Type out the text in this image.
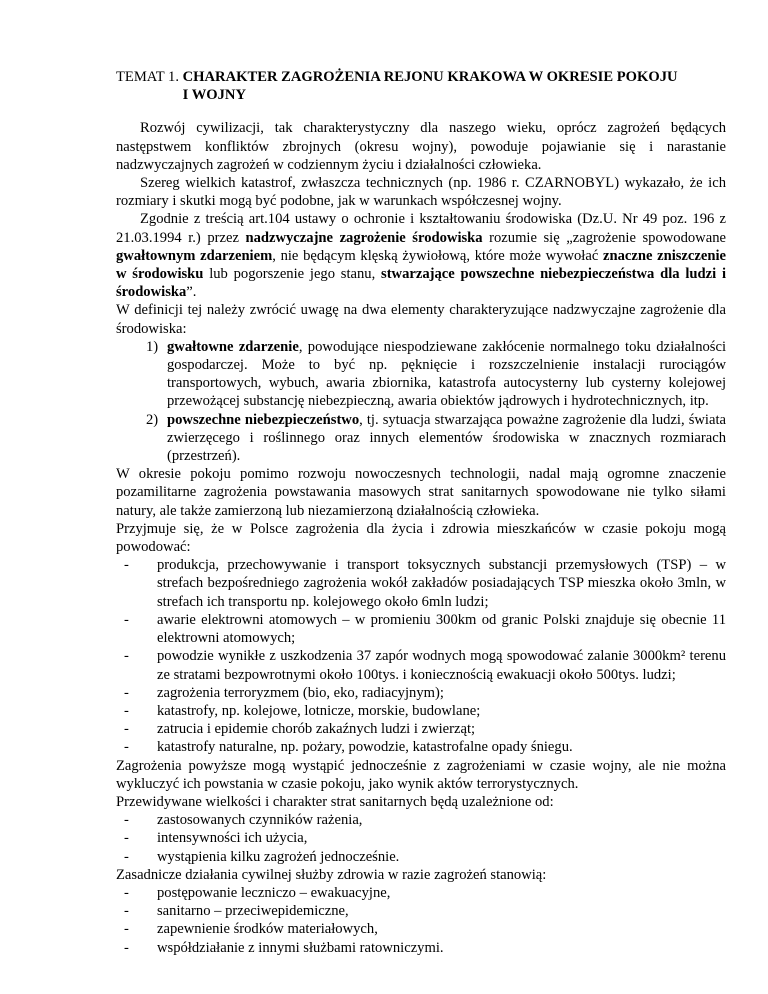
TEMAT 1. CHARAKTER ZAGROŻENIA REJONU KRAKOWA W OKRESIE POKOJU
I WOJNY

Rozwój cywilizacji, tak charakterystyczny dla naszego wieku, oprócz zagrożeń będących następstwem konfliktów zbrojnych (okresu wojny), powoduje pojawianie się i narastanie nadzwyczajnych zagrożeń w codziennym życiu i działalności człowieka.

Szereg wielkich katastrof, zwłaszcza technicznych (np. 1986 r. CZARNOBYL) wykazało, że ich rozmiary i skutki mogą być podobne, jak w warunkach współczesnej wojny.

Zgodnie z treścią art.104 ustawy o ochronie i kształtowaniu środowiska (Dz.U. Nr 49 poz. 196 z 21.03.1994 r.) przez nadzwyczajne zagrożenie środowiska rozumie się „zagrożenie spowodowane gwałtownym zdarzeniem, nie będącym klęską żywiołową, które może wywołać znaczne zniszczenie w środowisku lub pogorszenie jego stanu, stwarzające powszechne niebezpieczeństwa dla ludzi i środowiska”.

W definicji tej należy zwrócić uwagę na dwa elementy charakteryzujące nadzwyczajne zagrożenie dla środowiska:

1) gwałtowne zdarzenie, powodujące niespodziewane zakłócenie normalnego toku działalności gospodarczej. Może to być np. pęknięcie i rozszczelnienie instalacji rurociągów transportowych, wybuch, awaria zbiornika, katastrofa autocysterny lub cysterny kolejowej przewożącej substancję niebezpieczną, awaria obiektów jądrowych i hydrotechnicznych, itp.
2) powszechne niebezpieczeństwo, tj. sytuacja stwarzająca poważne zagrożenie dla ludzi, świata zwierzęcego i roślinnego oraz innych elementów środowiska w znacznych rozmiarach (przestrzeń).

W okresie pokoju pomimo rozwoju nowoczesnych technologii, nadal mają ogromne znaczenie pozamilitarne zagrożenia powstawania masowych strat sanitarnych spowodowane nie tylko siłami natury, ale także zamierzoną lub niezamierzoną działalnością człowieka.

Przyjmuje się, że w Polsce zagrożenia dla życia i zdrowia mieszkańców w czasie pokoju mogą powodować:

- produkcja, przechowywanie i transport toksycznych substancji przemysłowych (TSP) – w strefach bezpośredniego zagrożenia wokół zakładów posiadających TSP mieszka około 3mln, w strefach ich transportu np. kolejowego około 6mln ludzi;
- awarie elektrowni atomowych – w promieniu 300km od granic Polski znajduje się obecnie 11 elektrowni atomowych;
- powodzie wynikłe z uszkodzenia 37 zapór wodnych mogą spowodować zalanie 3000km² terenu ze stratami bezpowrotnymi około 100tys. i koniecznością ewakuacji około 500tys. ludzi;
- zagrożenia terroryzmem (bio, eko, radiacyjnym);
- katastrofy, np. kolejowe, lotnicze, morskie, budowlane;
- zatrucia i epidemie chorób zakaźnych ludzi i zwierząt;
- katastrofy naturalne, np. pożary, powodzie, katastrofalne opady śniegu.

Zagrożenia powyższe mogą wystąpić jednocześnie z zagrożeniami w czasie wojny, ale nie można wykluczyć ich powstania w czasie pokoju, jako wynik aktów terrorystycznych.

Przewidywane wielkości i charakter strat sanitarnych będą uzależnione od:

- zastosowanych czynników rażenia,
- intensywności ich użycia,
- wystąpienia kilku zagrożeń jednocześnie.

Zasadnicze działania cywilnej służby zdrowia w razie zagrożeń stanowią:

- postępowanie leczniczo – ewakuacyjne,
- sanitarno – przeciwepidemiczne,
- zapewnienie środków materiałowych,
- współdziałanie z innymi służbami ratowniczymi.
